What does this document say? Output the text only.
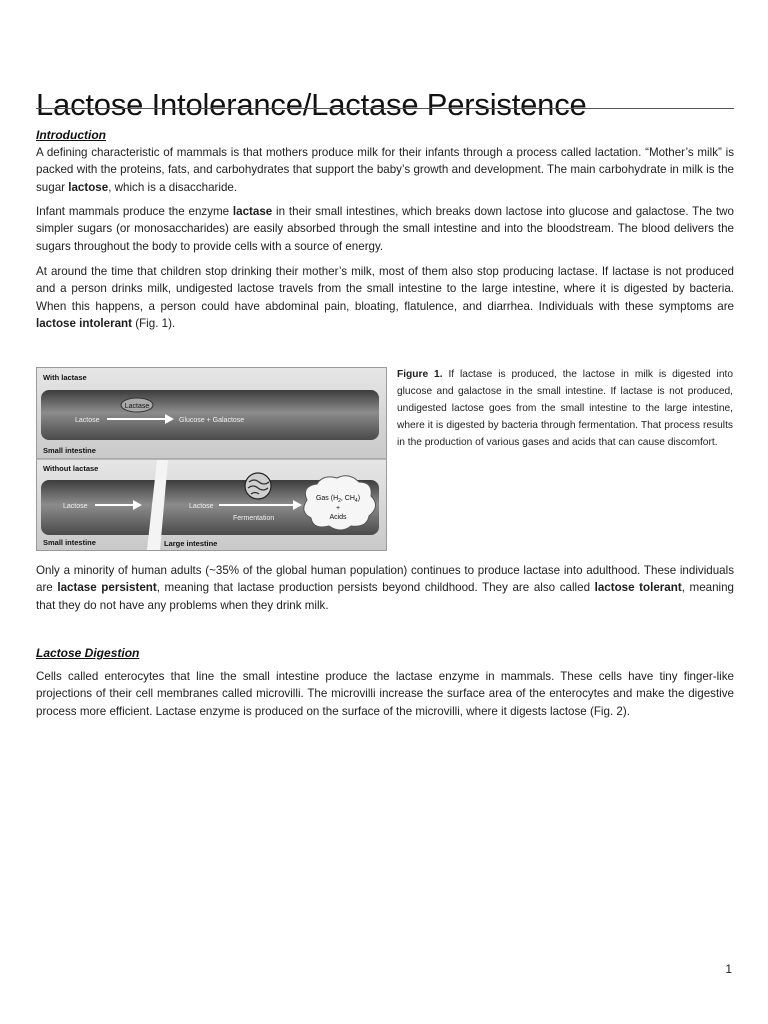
Lactose Intolerance/Lactase Persistence
Introduction

A defining characteristic of mammals is that mothers produce milk for their infants through a process called lactation. “Mother’s milk” is packed with the proteins, fats, and carbohydrates that support the baby’s growth and development. The main carbohydrate in milk is the sugar lactose, which is a disaccharide.

Infant mammals produce the enzyme lactase in their small intestines, which breaks down lactose into glucose and galactose. The two simpler sugars (or monosaccharides) are easily absorbed through the small intestine and into the bloodstream. The blood delivers the sugars throughout the body to provide cells with a source of energy.

At around the time that children stop drinking their mother’s milk, most of them also stop producing lactase. If lactase is not produced and a person drinks milk, undigested lactose travels from the small intestine to the large intestine, where it is digested by bacteria. When this happens, a person could have abdominal pain, bloating, flatulence, and diarrhea. Individuals with these symptoms are lactose intolerant (Fig. 1).

With lactase
Lactase
Lactose	Glucose + Galactose
Small intestine
Without lactase
Lactose	Lactose
Fermentation
Gas ($H_2$, $CH_4$)
+
Acids
Small intestine	Large intestine

Figure 1. If lactase is produced, the lactose in milk is digested into glucose and galactose in the small intestine. If lactase is not produced, undigested lactose goes from the small intestine to the large intestine, where it is digested by bacteria through fermentation. That process results in the production of various gases and acids that can cause discomfort.

Only a minority of human adults (~35% of the global human population) continues to produce lactase into adulthood. These individuals are lactase persistent, meaning that lactase production persists beyond childhood. They are also called lactose tolerant, meaning that they do not have any problems when they drink milk.

Lactose Digestion

Cells called enterocytes that line the small intestine produce the lactase enzyme in mammals. These cells have tiny finger-like projections of their cell membranes called microvilli. The microvilli increase the surface area of the enterocytes and make the digestive process more efficient. Lactase enzyme is produced on the surface of the microvilli, where it digests lactose (Fig. 2).

1
